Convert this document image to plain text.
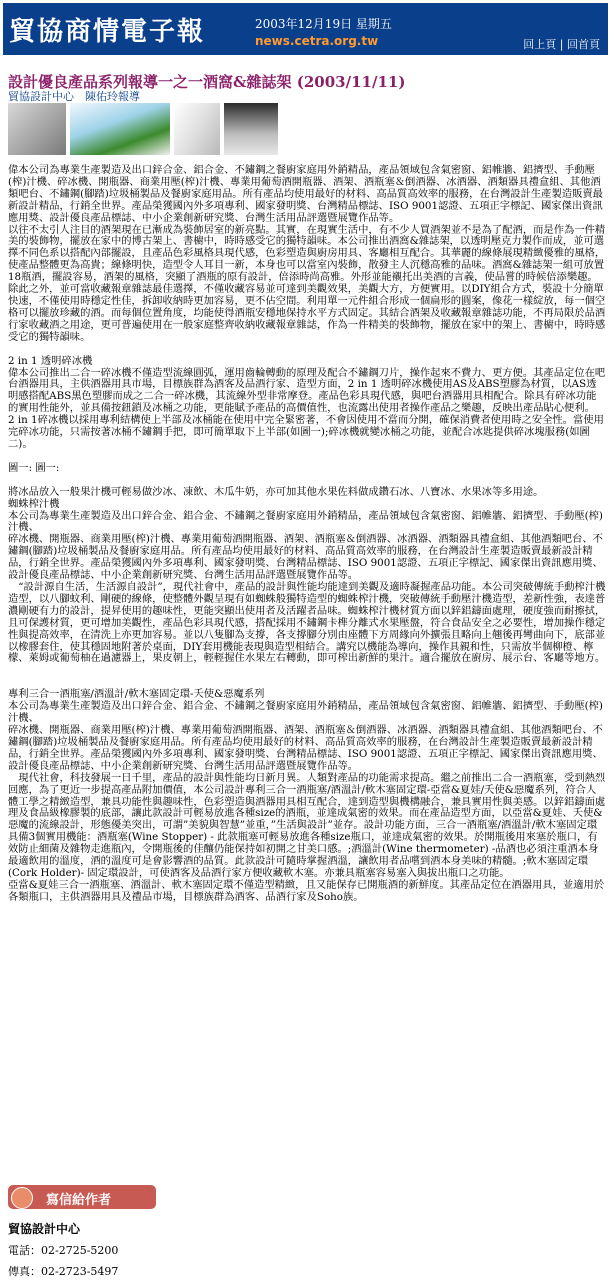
貿協商情電子報	2003年12月19日 星期五
news.cetra.org.tw	回上頁 | 回首頁
設計優良產品系列報導一之一酒窩&雜誌架 (2003/11/11)
貿協設計中心　陳佑玲報導

偉本公司為專業生產製造及出口鋅合金、鋁合金、不鏽鋼之餐廚家庭用外銷精品，產品領域包含氣密窗、鋁帷牆、鋁擠型、手動壓(榨)汁機、碎冰機、開瓶器、商業用壓(榨)汁機、專業用葡萄酒開瓶器、酒架、酒瓶塞＆倒酒器、冰酒器、酒類器具禮盒組、其他酒類吧台、不鏽鋼(腳踏)垃圾桶製品及餐廚家庭用品。所有產品均使用最好的材料、高品質高效率的服務，在台灣設計生產製造販賣最新設計精品，行銷全世界。產品榮獲國內外多項專利、國家發明獎、台灣精品標誌、ISO 9001認證、五項正字標記、國家傑出資訊應用獎、設計優良產品標誌、中小企業創新研究獎、台灣生活用品評選暨展覽作品等。

以往不太引人注目的酒架現在已漸成為裝飾居室的新亮點。其實，在現實生活中，有不少人買酒架並不是為了配酒，而是作為一件精美的裝飾物，擺放在家中的博古架上、書櫥中，時時感受它的獨特韻味。本公司推出酒窩&雜誌架，以透明壓克力製作而成，並可選擇不同色系以搭配內部擺設，且產品色彩風格具現代感，色彩塑造與廚房用具、客廳相互配合。其華麗的線條展現精緻優雅的風格，使產品整體更為高貴；線條明快，造型令人耳目一新，本身也可以當室內裝飾，散發主人沉穩高雅的品味。酒窩&雜誌架一組可放置18瓶酒，擺設容易，酒架的風格，突顯了酒瓶的原有設計，倍添時尚高雅。外形並能襯托出美酒的言義，使品嘗的時候倍添樂趣。除此之外，並可當收藏報章雜誌最佳選擇，不僅收藏容易並可達到美觀效果，美觀大方，方便實用。以DIY組合方式，裝設十分簡單快速，不僅使用時穩定性佳，拆卸收納時更加容易，更不佔空間。利用單一元件組合形成一個扁形的圓案，像花一樣綻放，每一個空格可以擺放珍藏的酒。而每個位置角度，均能使得酒瓶安穩地保持水平方式固定。其結合酒架及收藏報章雜誌功能，不再局限於品酒行家收藏酒之用途，更可普遍使用在一般家庭整齊收納收藏報章雜誌，作為一件精美的裝飾物，擺放在家中的架上、書櫥中，時時感受它的獨特韻味。

2 in 1 透明碎冰機

偉本公司推出二合一碎冰機不僅造型流線圓弧，運用齒輪轉動的原理及配合不鏽鋼刀片，操作起來不費力、更方便。其產品定位在吧台酒器用具，主供酒器用具市場，目標族群為酒客及品酒行家、造型方面，2 in 1 透明碎冰機使用AS及ABS塑膠為材質，以AS透明感搭配ABS黑色塑膠而成之二合一碎冰機，其流線外型非常摩登。產品色彩具現代感，與吧台酒器用具相配合。除具有碎冰功能的實用性能外，並具備按鈕鎖及冰桶之功能，更能賦予產品的高價值性，也流露出使用者操作產品之樂趣，反映出產品貼心便利。

2 in 1碎冰機以採用專利結構使上半部及冰桶能在使用中完全緊密著，不會因使用不當而分開，確保消費者使用時之安全性。當使用完碎冰功能，只需按著冰桶不鏽鋼手把，即可簡單取下上半部(如圖一);碎冰機就變冰桶之功能，並配合冰匙提供碎冰塊服務(如圖二)。

圖一: 圖一:

將冰品放入一般果汁機可輕易做沙冰、凍飲、木瓜牛奶，亦可加其他水果佐料做成鑽石冰、八寶冰、水果冰等多用途。

蜘蛛榨汁機

本公司為專業生產製造及出口鋅合金、鋁合金、不鏽鋼之餐廚家庭用外銷精品，產品領域包含氣密窗、鋁帷牆、鋁擠型、手動壓(榨)汁機、

碎冰機、開瓶器、商業用壓(榨)汁機、專業用葡萄酒開瓶器、酒架、酒瓶塞＆倒酒器、冰酒器、酒類器具禮盒組、其他酒類吧台、不鏽鋼(腳踏)垃圾桶製品及餐廚家庭用品。所有產品均使用最好的材料、高品質高效率的服務，在台灣設計生產製造販賣最新設計精品，行銷全世界。產品榮獲國內外多項專利、國家發明獎、台灣精品標誌、ISO 9001認證、五項正字標記、國家傑出資訊應用獎、設計優良產品標誌、中小企業創新研究獎、台灣生活用品評選暨展覽作品等。

　“設計源自生活，生活源自設計”，現代社會中，產品的設計與性能均能達到美觀及適時凝握產品功能。本公司突破傳統手動榨汁機造型，以八腳蚊利、剛硬的線條，使整體外觀呈現有如蜘蛛般獨特造型的蜘蛛榨汁機，突破傳統手動壓汁機造型，差新性強，表達普濃剛硬有力的設計，提昇使用的趣味性，更能突顯出使用者及活躍者品味。蜘蛛榨汁機材質方面以鋅鋁鑄面處理，硬度強而耐擦拭，且可保護材質，更可增加美觀性，產品色彩具現代感，搭配採用不鏽鋼卡榫分離式水果壓盤，符合食品安全之必要性，增加操作穩定性與提高效率，在清洗上亦更加容易。並以八隻腳為支撐，各支撐腳分別由座體下方周緣向外擴張且略向上翹後再彎曲向下，底部並以橡膠套住，使其穩固地附著於桌面，DIY套用機能表現與造型相結合。講究以機能為導向，操作具親和性，只需放半個柳橙、檸檬、萊姆或葡萄柚在過濾器上，果皮朝上，輕輕握住水果左右轉動，即可榨出新鮮的果汁。適合擺放在廚房、展示台、客廳等地方。

專利三合一酒瓶塞/酒溫計/軟木塞固定環-夭使&惡魔系列

本公司為專業生產製造及出口鋅合金、鋁合金、不鏽鋼之餐廚家庭用外銷精品，產品領域包含氣密窗、鋁帷牆、鋁擠型、手動壓(榨)汁機、

碎冰機、開瓶器、商業用壓(榨)汁機、專業用葡萄酒開瓶器、酒架、酒瓶塞＆倒酒器、冰酒器、酒類器具禮盒組、其他酒類吧台、不鏽鋼(腳踏)垃圾桶製品及餐廚家庭用品。所有產品均使用最好的材料、高品質高效率的服務，在台灣設計生產製造販賣最新設計精品，行銷全世界。產品榮獲國內外多項專利、國家發明獎、台灣精品標誌、ISO 9001認證、五項正字標記、國家傑出資訊應用獎、設計優良產品標誌、中小企業創新研究獎、台灣生活用品評選暨展覽作品等。

　現代社會，科技發展一日千里，產品的設計與性能均日新月異。人類對產品的功能需求提高。繼之前推出二合一酒瓶塞，受到熱烈回應，為了更近一步提高產品附加價值，本公司設計專利三合一酒瓶塞/酒溫計/軟木塞固定環-亞當&夏娃/夭使&惡魔系列，符合人體工學之精緻造型，兼具功能性與趣味性，色彩塑造與酒器用具相互配合，達到造型與機構融合，兼具實用性與美感。以鋅鋁鑄面處理及食品級橡膠製的底部，讓此款設計可輕易放進各種size的酒瓶，並達成氣密的效果。而在產品造型方面，以亞當&夏娃、夭使&惡魔的流線設計，形態優美突出，可謂”美貌與智慧”並重，”生活與設計”並存。設計功能方面，三合一酒瓶塞/酒溫計/軟木塞固定環具備3個實用機能：酒瓶塞(Wine Stopper) - 此款瓶塞可輕易放進各種size瓶口，並達成氣密的效果。於開瓶後用來塞於瓶口，有效防止細菌及雜物走進瓶內，令開瓶後的佳釀仍能保持如初開之甘美口感。;酒溫計(Wine thermometer) -品酒也必須注重酒本身最適飲用的溫度，酒的溫度可是會影響酒的品質。此款設計可隨時掌握酒溫，讓飲用者品嚐到酒本身美味的精髓。;軟木塞固定環(Cork Holder)- 固定環設計，可使酒客及品酒行家方便收藏軟木塞。亦兼具瓶塞容易塞入與拔出瓶口之功能。

亞當&夏娃三合一酒瓶塞、酒溫計、軟木塞固定環不僅造型精緻，且又能保存已開瓶酒的新鮮度。其產品定位在酒器用具，並適用於各類瓶口，主供酒器用具及禮品市場，目標族群為酒客、品酒行家及Soho族。

寫信給作者
貿協設計中心
電話：02-2725-5200
傳真：02-2723-5497
